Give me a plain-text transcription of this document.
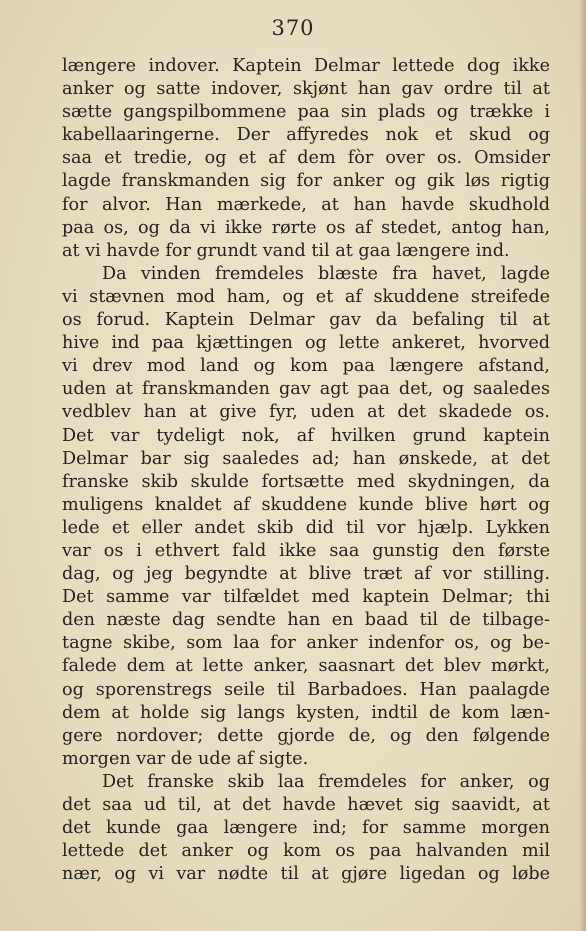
370
længere indover. Kaptein Delmar lettede dog ikke
anker og satte indover, skjønt han gav ordre til at
sætte gangspilbommene paa sin plads og trække i
kabellaaringerne. Der affyredes nok et skud og
saa et tredie, og et af dem fòr over os. Omsider
lagde franskmanden sig for anker og gik løs rigtig
for alvor. Han mærkede, at han havde skudhold
paa os, og da vi ikke rørte os af stedet, antog han,
at vi havde for grundt vand til at gaa længere ind.
Da vinden fremdeles blæste fra havet, lagde
vi stævnen mod ham, og et af skuddene streifede
os forud. Kaptein Delmar gav da befaling til at
hive ind paa kjættingen og lette ankeret, hvorved
vi drev mod land og kom paa længere afstand,
uden at franskmanden gav agt paa det, og saaledes
vedblev han at give fyr, uden at det skadede os.
Det var tydeligt nok, af hvilken grund kaptein
Delmar bar sig saaledes ad; han ønskede, at det
franske skib skulde fortsætte med skydningen, da
muligens knaldet af skuddene kunde blive hørt og
lede et eller andet skib did til vor hjælp. Lykken
var os i ethvert fald ikke saa gunstig den første
dag, og jeg begyndte at blive træt af vor stilling.
Det samme var tilfældet med kaptein Delmar; thi
den næste dag sendte han en baad til de tilbage-
tagne skibe, som laa for anker indenfor os, og be-
falede dem at lette anker, saasnart det blev mørkt,
og sporenstregs seile til Barbadoes. Han paalagde
dem at holde sig langs kysten, indtil de kom læn-
gere nordover; dette gjorde de, og den følgende
morgen var de ude af sigte.
Det franske skib laa fremdeles for anker, og
det saa ud til, at det havde hævet sig saavidt, at
det kunde gaa længere ind; for samme morgen
lettede det anker og kom os paa halvanden mil
nær, og vi var nødte til at gjøre ligedan og løbe
